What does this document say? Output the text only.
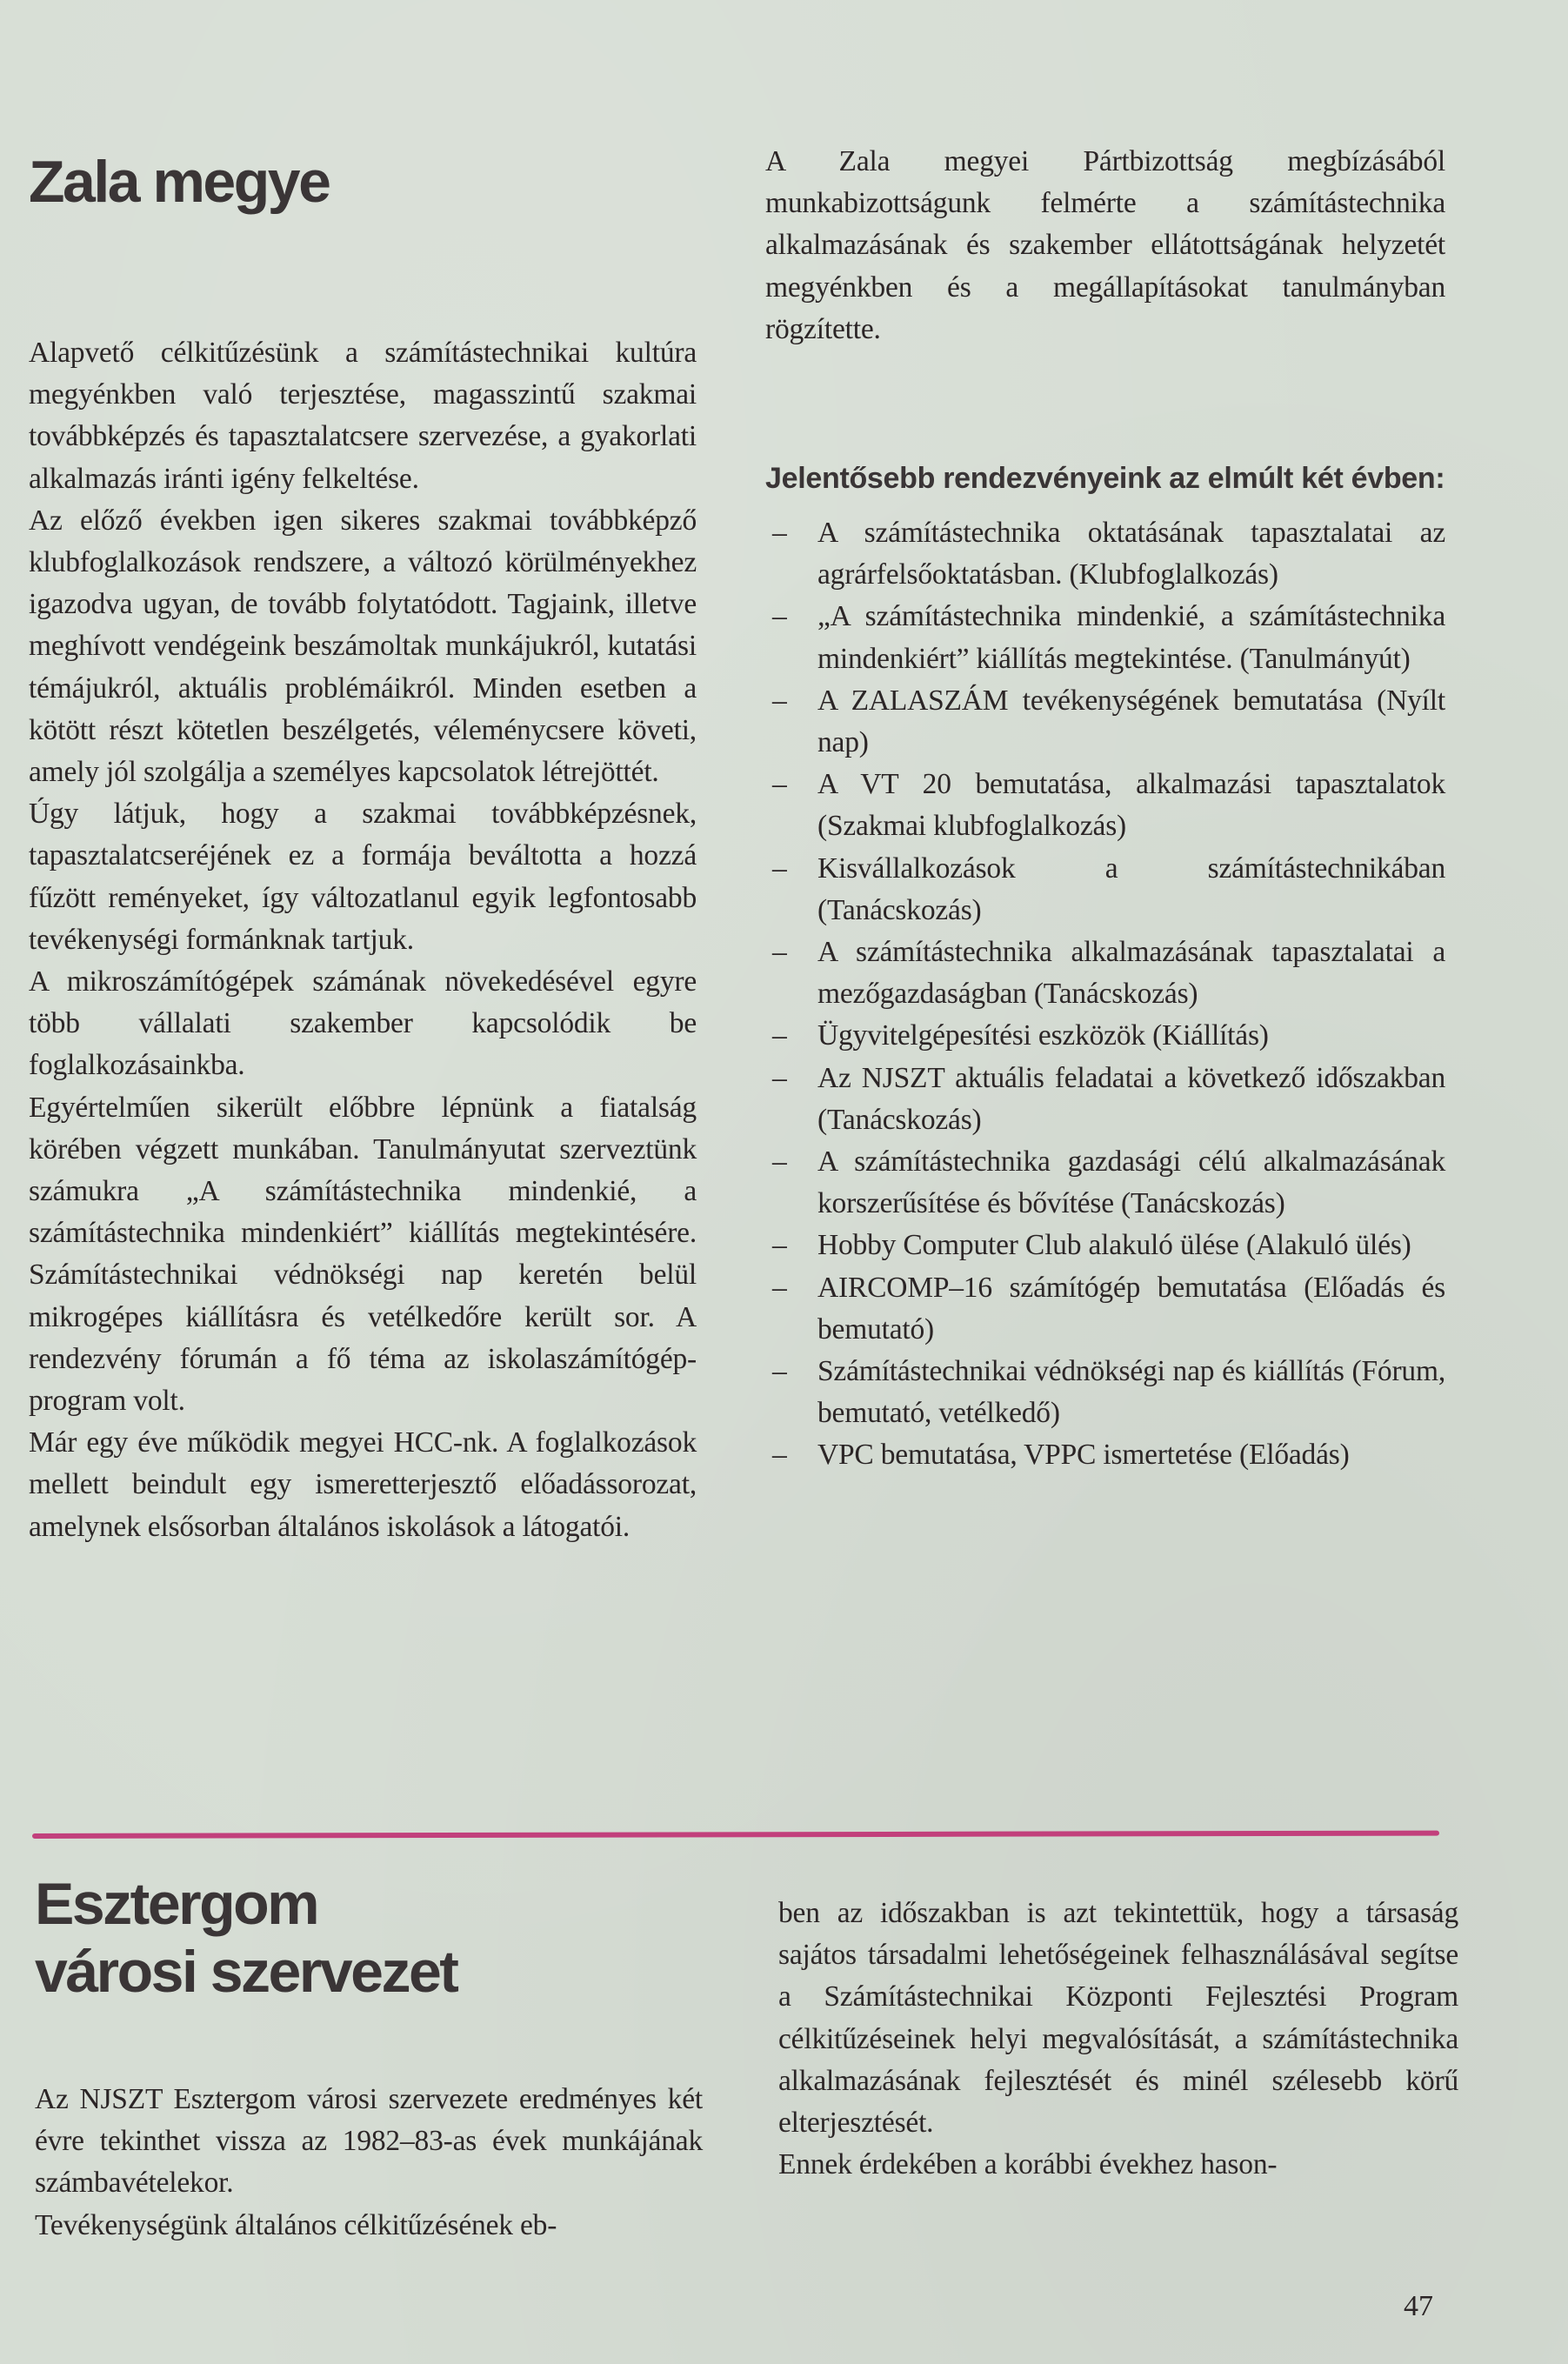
Zala megye

Alapvető célkitűzésünk a számítástechnikai kultúra megyénkben való terjesztése, magasszintű szakmai továbbképzés és tapasztalatcsere szervezése, a gyakorlati alkalmazás iránti igény felkeltése.

Az előző években igen sikeres szakmai továbbképző klubfoglalkozások rendszere, a változó körülményekhez igazodva ugyan, de tovább folytatódott. Tagjaink, illetve meghívott vendégeink beszámoltak munkájukról, kutatási témájukról, aktuális problémáikról. Minden esetben a kötött részt kötetlen beszélgetés, véleménycsere követi, amely jól szolgálja a személyes kapcsolatok létrejöttét.

Úgy látjuk, hogy a szakmai továbbképzésnek, tapasztalatcseréjének ez a formája beváltotta a hozzá fűzött reményeket, így változatlanul egyik legfontosabb tevékenységi formánknak tartjuk.

A mikroszámítógépek számának növekedésével egyre több vállalati szakember kapcsolódik be foglalkozásainkba.

Egyértelműen sikerült előbbre lépnünk a fiatalság körében végzett munkában. Tanulmányutat szerveztünk számukra „A számítástechnika mindenkié, a számítástechnika mindenkiért” kiállítás megtekintésére. Számítástechnikai védnökségi nap keretén belül mikrogépes kiállításra és vetélkedőre került sor. A rendezvény fórumán a fő téma az iskolaszámítógép-program volt.

Már egy éve működik megyei HCC-nk. A foglalkozások mellett beindult egy ismeretterjesztő előadássorozat, amelynek elsősorban általános iskolások a látogatói.

A Zala megyei Pártbizottság megbízásából munkabizottságunk felmérte a számítástechnika alkalmazásának és szakember ellátottságának helyzetét megyénkben és a megállapításokat tanulmányban rögzítette.

Jelentősebb rendezvényeink az elmúlt két évben:
–	A számítástechnika oktatásának tapasztalatai az agrárfelsőoktatásban. (Klubfoglalkozás)
–	„A számítástechnika mindenkié, a számítástechnika mindenkiért” kiállítás megtekintése. (Tanulmányút)
–	A ZALASZÁM tevékenységének bemutatása (Nyílt nap)
–	A VT 20 bemutatása, alkalmazási tapasztalatok (Szakmai klubfoglalkozás)
–	Kisvállalkozások a számítástechnikában (Tanácskozás)
–	A számítástechnika alkalmazásának tapasztalatai a mezőgazdaságban (Tanácskozás)
–	Ügyvitelgépesítési eszközök (Kiállítás)
–	Az NJSZT aktuális feladatai a következő időszakban (Tanácskozás)
–	A számítástechnika gazdasági célú alkalmazásának korszerűsítése és bővítése (Tanácskozás)
–	Hobby Computer Club alakuló ülése (Alakuló ülés)
–	AIRCOMP–16 számítógép bemutatása (Előadás és bemutató)
–	Számítástechnikai védnökségi nap és kiállítás (Fórum, bemutató, vetélkedő)
–	VPC bemutatása, VPPC ismertetése (Előadás)
Esztergom
városi szervezet

Az NJSZT Esztergom városi szervezete eredményes két évre tekinthet vissza az 1982–83-as évek munkájának számbavételekor.

Tevékenységünk általános célkitűzésének eb-

ben az időszakban is azt tekintettük, hogy a társaság sajátos társadalmi lehetőségeinek felhasználásával segítse a Számítástechnikai Központi Fejlesztési Program célkitűzéseinek helyi megvalósítását, a számítástechnika alkalmazásának fejlesztését és minél szélesebb körű elterjesztését.

Ennek érdekében a korábbi évekhez hason-

47
